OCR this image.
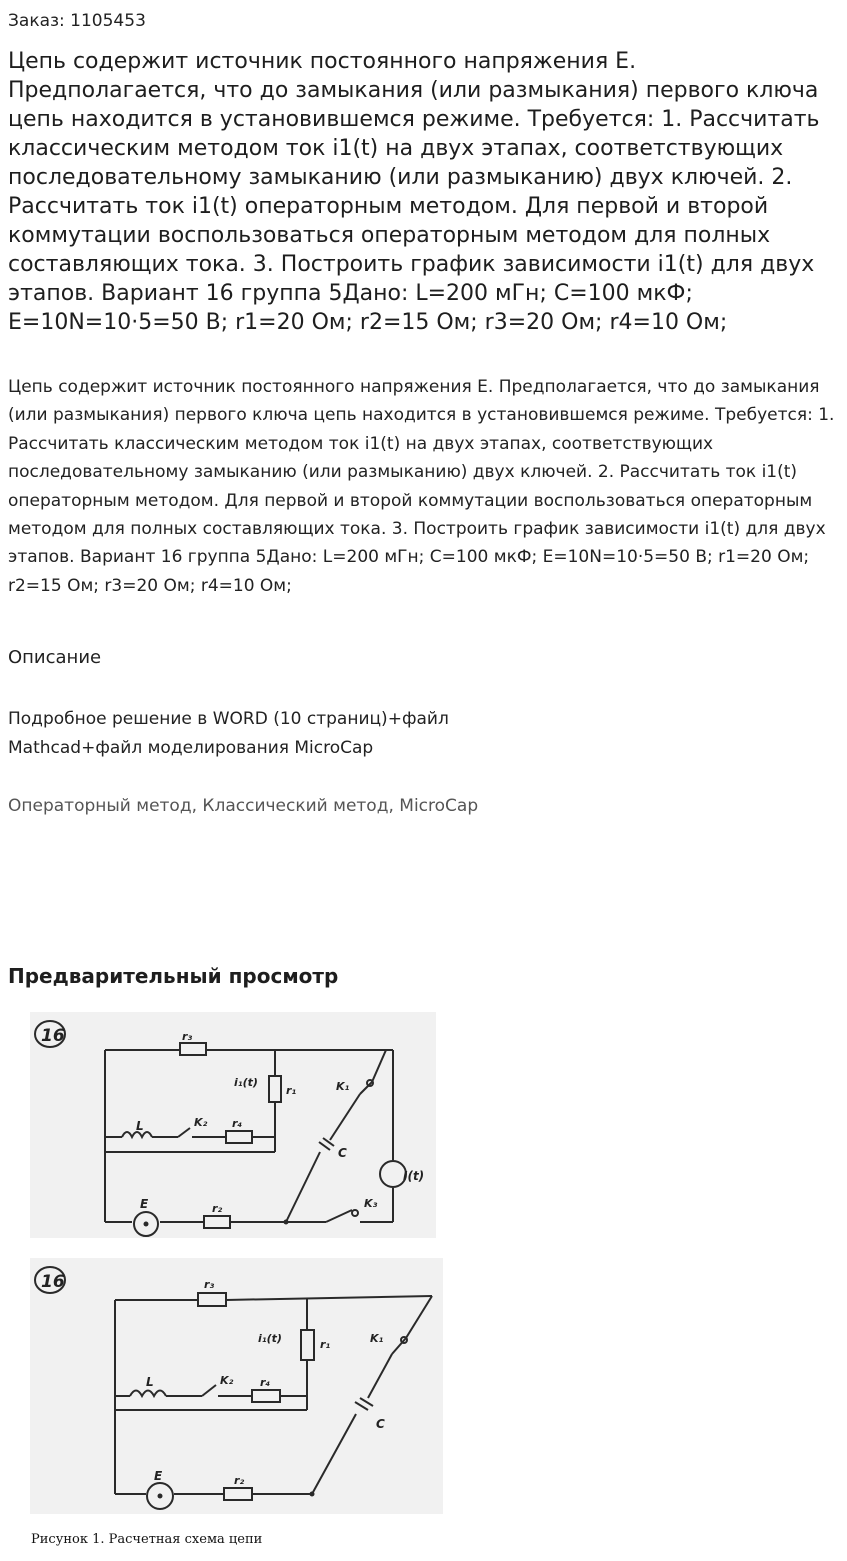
Заказ: 1105453
Цепь содержит источник постоянного напряжения E. Предполагается, что до замыкания (или размыкания) первого ключа цепь находится в установившемся режиме. Требуется: 1. Рассчитать классическим методом ток i1(t) на двух этапах, соответствующих последовательному замыканию (или размыканию) двух ключей. 2. Рассчитать ток i1(t) операторным методом. Для первой и второй коммутации воспользоваться операторным методом для полных составляющих тока. 3. Построить график зависимости i1(t) для двух этапов. Вариант 16 группа 5Дано: L=200 мГн; C=100 мкФ; E=10N=10·5=50 В; r1=20 Ом; r2=15 Ом; r3=20 Ом; r4=10 Ом;

Цепь содержит источник постоянного напряжения E. Предполагается, что до замыкания (или размыкания) первого ключа цепь находится в установившемся режиме. Требуется: 1. Рассчитать классическим методом ток i1(t) на двух этапах, соответствующих последовательному замыканию (или размыканию) двух ключей. 2. Рассчитать ток i1(t) операторным методом. Для первой и второй коммутации воспользоваться операторным методом для полных составляющих тока. 3. Построить график зависимости i1(t) для двух этапов. Вариант 16 группа 5Дано: L=200 мГн; C=100 мкФ; E=10N=10·5=50 В; r1=20 Ом; r2=15 Ом; r3=20 Ом; r4=10 Ом;

Описание
Подробное решение в WORD (10 страниц)+файл Mathcad+файл моделирования MicroCap
Операторный метод, Классический метод, MicroCap
Предварительный просмотр
16	r₃
i₁(t)
r₁	K₁
L	K₂ r₄
C
I(t)
E	r₂	K₃
16	r₃
i₁(t)	r₁	K₁
L	K₂ r₄
C
E	r₂
Рисунок 1. Расчетная схема цепи
